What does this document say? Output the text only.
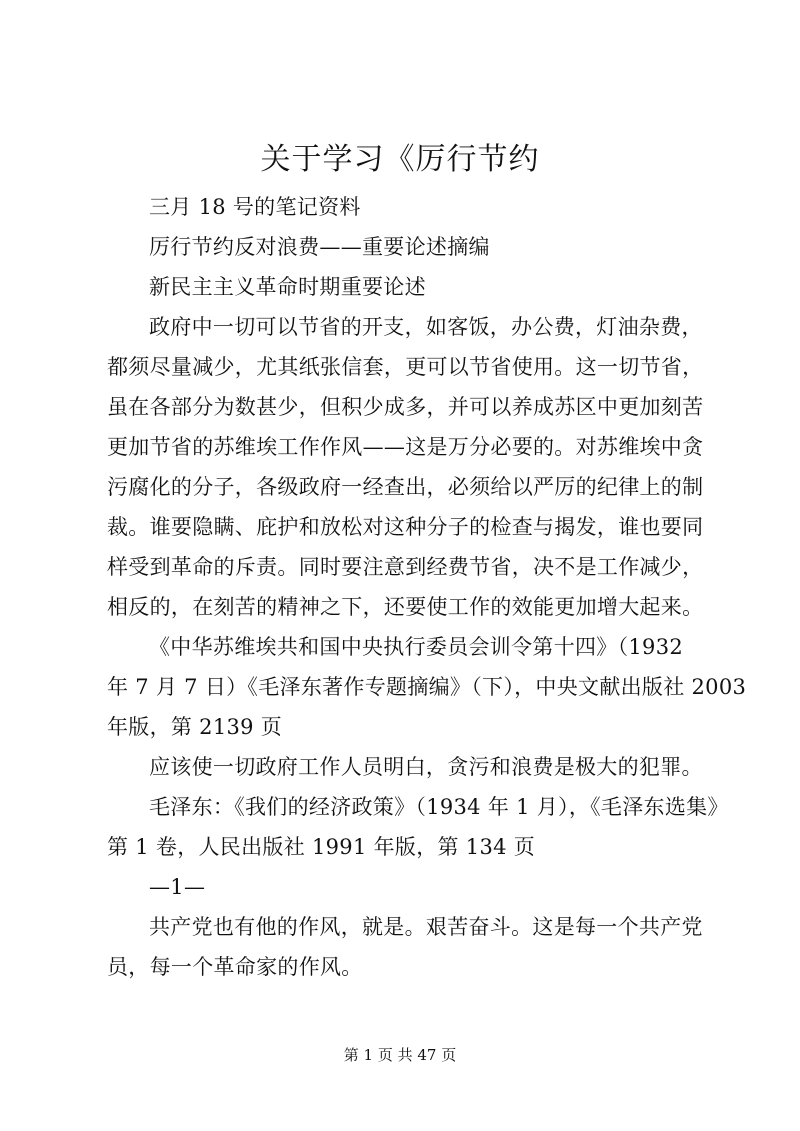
关于学习《厉行节约
三月 18 号的笔记资料
厉行节约反对浪费——重要论述摘编
新民主主义革命时期重要论述
政府中一切可以节省的开支，如客饭，办公费，灯油杂费，
都须尽量减少，尤其纸张信套，更可以节省使用。这一切节省，
虽在各部分为数甚少，但积少成多，并可以养成苏区中更加刻苦
更加节省的苏维埃工作作风——这是万分必要的。对苏维埃中贪
污腐化的分子，各级政府一经查出，必须给以严厉的纪律上的制
裁。谁要隐瞒、庇护和放松对这种分子的检查与揭发，谁也要同
样受到革命的斥责。同时要注意到经费节省，决不是工作减少，
相反的，在刻苦的精神之下，还要使工作的效能更加增大起来。
《中华苏维埃共和国中央执行委员会训令第十四》（1932
年 7 月 7 日）《毛泽东著作专题摘编》（下），中央文献出版社 2003
年版，第 2139 页
应该使一切政府工作人员明白，贪污和浪费是极大的犯罪。
毛泽东：《我们的经济政策》（1934 年 1 月），《毛泽东选集》
第 1 卷，人民出版社 1991 年版，第 134 页
—1—
共产党也有他的作风，就是。艰苦奋斗。这是每一个共产党
员，每一个革命家的作风。
第 1 页 共 47 页
